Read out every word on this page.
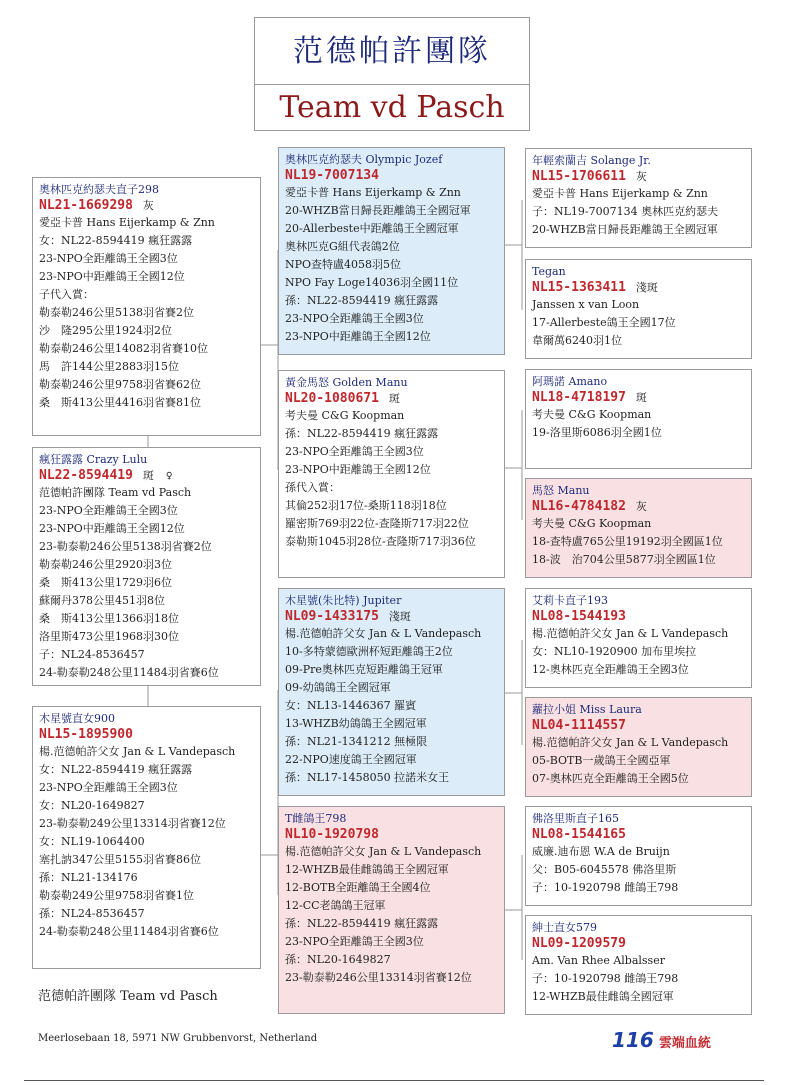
范德帕許團隊
Team vd Pasch
奧林匹克約瑟夫直子298
NL21-1669298 灰
愛亞卡普 Hans Eijerkamp & Znn
女：NL22-8594419 瘋狂露露
23-NPO全距離鴿王全國3位
23-NPO中距離鴿王全國12位
子代入賞：
勒泰勒246公里5138羽省賽2位
沙　隆295公里1924羽2位
勒泰勒246公里14082羽省賽10位
馬　許144公里2883羽15位
勒泰勒246公里9758羽省賽62位
桑　斯413公里4416羽省賽81位
瘋狂露露 Crazy Lulu
NL22-8594419 斑 ♀
范德帕許團隊 Team vd Pasch
23-NPO全距離鴿王全國3位
23-NPO中距離鴿王全國12位
23-勒泰勒246公里5138羽省賽2位
勒泰勒246公里2920羽3位
桑　斯413公里1729羽6位
蘇爾丹378公里451羽8位
桑　斯413公里1366羽18位
洛里斯473公里1968羽30位
子：NL24-8536457
24-勒泰勒248公里11484羽省賽6位
木星號直女900
NL15-1895900
楊.范德帕許父女 Jan & L Vandepasch
女：NL22-8594419 瘋狂露露
23-NPO全距離鴿王全國3位
女：NL20-1649827
23-勒泰勒249公里13314羽省賽12位
女：NL19-1064400
塞扎訥347公里5155羽省賽86位
孫：NL21-134176
勒泰勒249公里9758羽省賽1位
孫：NL24-8536457
24-勒泰勒248公里11484羽省賽6位
奧林匹克約瑟夫 Olympic Jozef
NL19-7007134
愛亞卡普 Hans Eijerkamp & Znn
20-WHZB當日歸長距離鴿王全國冠軍
20-Allerbeste中距離鴿王全國冠軍
奧林匹克G組代表鴿2位
NPO查特盧4058羽5位
NPO Fay Loge14036羽全國11位
孫：NL22-8594419 瘋狂露露
23-NPO全距離鴿王全國3位
23-NPO中距離鴿王全國12位
黃金馬怒 Golden Manu
NL20-1080671 斑
考夫曼 C&G Koopman
孫：NL22-8594419 瘋狂露露
23-NPO全距離鴿王全國3位
23-NPO中距離鴿王全國12位
孫代入賞：
其倫252羽17位-桑斯118羽18位
羅密斯769羽22位-查隆斯717羽22位
泰勒斯1045羽28位-查隆斯717羽36位
木星號(朱比特) Jupiter
NL09-1433175 淺斑
楊.范德帕許父女 Jan & L Vandepasch
10-多特蒙德歐洲杯短距離鴿王2位
09-Pre奧林匹克短距離鴿王冠軍
09-幼鴿鴿王全國冠軍
女：NL13-1446367 羅賓
13-WHZB幼鴿鴿王全國冠軍
孫：NL21-1341212 無極限
22-NPO速度鴿王全國冠軍
孫：NL17-1458050 拉諾米女王
T雌鴿王798
NL10-1920798
楊.范德帕許父女 Jan & L Vandepasch
12-WHZB最佳雌鴿鴿王全國冠軍
12-BOTB全距離鴿王全國4位
12-CC老鴿鴿王冠軍
孫：NL22-8594419 瘋狂露露
23-NPO全距離鴿王全國3位
孫：NL20-1649827
23-勒泰勒246公里13314羽省賽12位
年輕索蘭吉 Solange Jr.
NL15-1706611 灰
愛亞卡普 Hans Eijerkamp & Znn
子：NL19-7007134 奧林匹克約瑟夫
20-WHZB當日歸長距離鴿王全國冠軍
Tegan
NL15-1363411 淺斑
Janssen x van Loon
17-Allerbeste鴿王全國17位
韋爾萬6240羽1位
阿瑪諾 Amano
NL18-4718197 斑
考夫曼 C&G Koopman
19-洛里斯6086羽全國1位
馬怒 Manu
NL16-4784182 灰
考夫曼 C&G Koopman
18-查特盧765公里19192羽全國區1位
18-波　治704公里5877羽全國區1位
艾莉卡直子193
NL08-1544193
楊.范德帕許父女 Jan & L Vandepasch
女：NL10-1920900 加布里埃拉
12-奧林匹克全距離鴿王全國3位
蘿拉小姐 Miss Laura
NL04-1114557
楊.范德帕許父女 Jan & L Vandepasch
05-BOTB一歲鴿王全國亞軍
07-奧林匹克全距離鴿王全國5位
佛洛里斯直子165
NL08-1544165
威廉.迪布恩 W.A de Bruijn
父：B05-6045578 佛洛里斯
子：10-1920798 雌鴿王798
紳士直女579
NL09-1209579
Am. Van Rhee Albalsser
子：10-1920798 雌鴿王798
12-WHZB最佳雌鴿全國冠軍
范德帕許團隊 Team vd Pasch
Meerlosebaan 18, 5971 NW Grubbenvorst, Netherland	116 雲端血統
